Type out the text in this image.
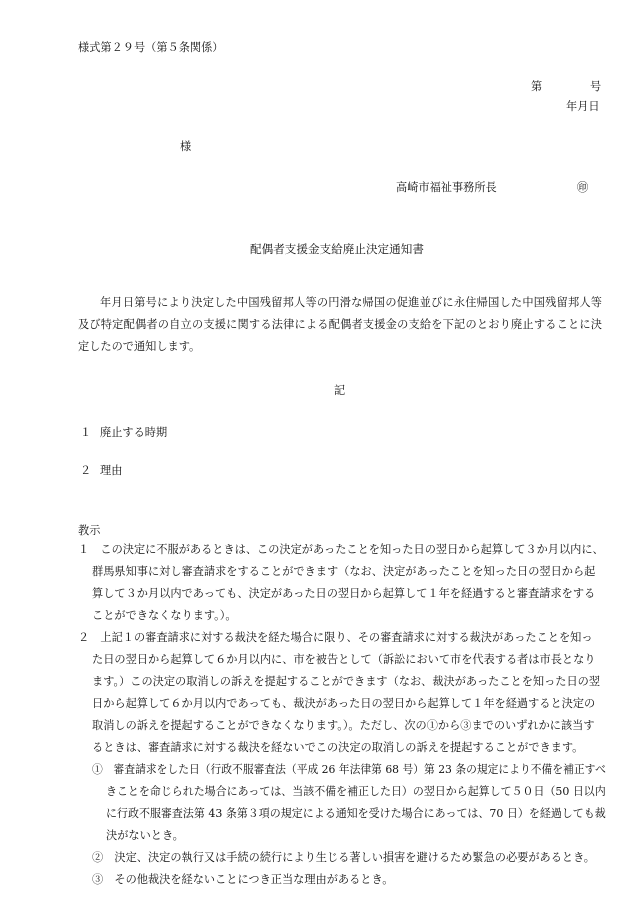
様式第２９号（第５条関係）
第	号
年月日
様
高崎市福祉事務所長	㊞
配偶者支援金支給廃止決定通知書
年月日第号により決定した中国残留邦人等の円滑な帰国の促進並びに永住帰国した中国残留邦人等及び特定配偶者の自立の支援に関する法律による配偶者支援金の支給を下記のとおり廃止することに決定したので通知します。
記
１ 廃止する時期
２ 理由
教示
１　この決定に不服があるときは、この決定があったことを知った日の翌日から起算して３か月以内に、
群馬県知事に対し審査請求をすることができます（なお、決定があったことを知った日の翌日から起
算して３か月以内であっても、決定があった日の翌日から起算して１年を経過すると審査請求をする
ことができなくなります。）。
２　上記１の審査請求に対する裁決を経た場合に限り、その審査請求に対する裁決があったことを知っ
た日の翌日から起算して６か月以内に、市を被告として（訴訟において市を代表する者は市長となり
ます。）この決定の取消しの訴えを提起することができます（なお、裁決があったことを知った日の翌
日から起算して６か月以内であっても、裁決があった日の翌日から起算して１年を経過すると決定の
取消しの訴えを提起することができなくなります。）。ただし、次の①から③までのいずれかに該当す
るときは、審査請求に対する裁決を経ないでこの決定の取消しの訴えを提起することができます。
①　審査請求をした日（行政不服審査法（平成 26 年法律第 68 号）第 23 条の規定により不備を補正すべ
きことを命じられた場合にあっては、当該不備を補正した日）の翌日から起算して５０日（50 日以内
に行政不服審査法第 43 条第３項の規定による通知を受けた場合にあっては、70 日）を経過しても裁
決がないとき。
②　決定、決定の執行又は手続の続行により生じる著しい損害を避けるため緊急の必要があるとき。
③　その他裁決を経ないことにつき正当な理由があるとき。
